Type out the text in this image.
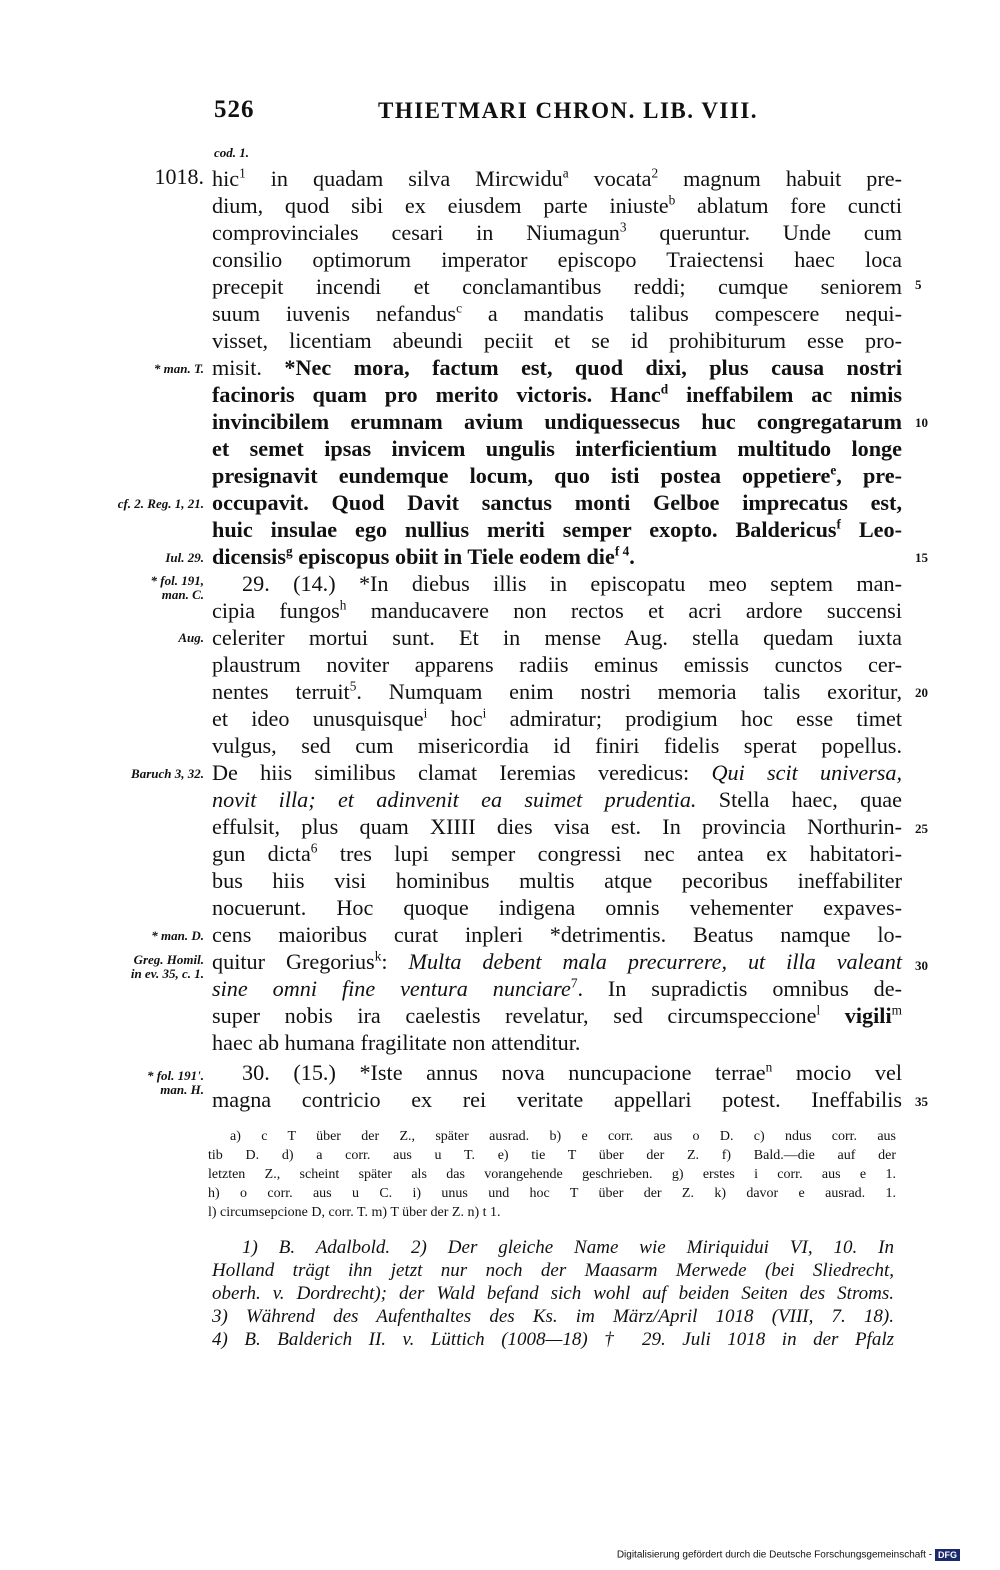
526	THIETMARI CHRON. LIB. VIII.
cod. 1.
1018.
* man. T.
cf. 2. Reg. 1, 21.
Iul. 29.
* fol. 191,
man. C.
Aug.
Baruch 3, 32.
* man. D.
Greg. Homil.
in ev. 35, c. 1.
* fol. 191'.
man. H.
5
10
15
20
25
30
35
hic$^1$ in quadam silva Mircwidu$^a$ vocata$^2$ magnum habuit pre-
dium, quod sibi ex eiusdem parte iniuste$^b$ ablatum fore cuncti
comprovinciales cesari in Niumagun$^3$ queruntur. Unde cum
consilio optimorum imperator episcopo Traiectensi haec loca
precepit incendi et conclamantibus reddi; cumque seniorem
suum iuvenis nefandus$^c$ a mandatis talibus compescere nequi-
visset, licentiam abeundi peciit et se id prohibiturum esse pro-
misit. *Nec mora, factum est, quod dixi, plus causa nostri
facinoris quam pro merito victoris. Hanc$^d$ ineffabilem ac nimis
invincibilem erumnam avium undiquessecus huc congregatarum
et semet ipsas invicem ungulis interficientium multitudo longe
presignavit eundemque locum, quo isti postea oppetiere$^e$, pre-
occupavit. Quod Davit sanctus monti Gelboe imprecatus est,
huic insulae ego nullius meriti semper exopto. Baldericus$^f$ Leo-
dicensis$^g$ episcopus obiit in Tiele eodem die$^{f 4}$.
29. (14.) *In diebus illis in episcopatu meo septem man-
cipia fungos$^h$ manducavere non rectos et acri ardore succensi
celeriter mortui sunt. Et in mense Aug. stella quedam iuxta
plaustrum noviter apparens radiis eminus emissis cunctos cer-
nentes terruit$^5$. Numquam enim nostri memoria talis exoritur,
et ideo unusquisque$^i$ hoc$^i$ admiratur; prodigium hoc esse timet
vulgus, sed cum misericordia id finiri fidelis sperat popellus.
De hiis similibus clamat Ieremias veredicus: Qui scit universa,
novit illa; et adinvenit ea suimet prudentia. Stella haec, quae
effulsit, plus quam XIIII dies visa est. In provincia Northurin-
gun dicta$^6$ tres lupi semper congressi nec antea ex habitatori-
bus hiis visi hominibus multis atque pecoribus ineffabiliter
nocuerunt. Hoc quoque indigena omnis vehementer expaves-
cens maioribus curat inpleri *detrimentis. Beatus namque lo-
quitur Gregorius$^k$: Multa debent mala precurrere, ut illa valeant
sine omni fine ventura nunciare$^7$. In supradictis omnibus de-
super nobis ira caelestis revelatur, sed circumspeccione$^l$ vigili$^m$
haec ab humana fragilitate non attenditur.
30. (15.) *Iste annus nova nuncupacione terrae$^n$ mocio vel
magna contricio ex rei veritate appellari potest. Ineffabilis
a) c T über der Z., später ausrad. b) e corr. aus o D. c) ndus corr. aus
tib D. d) a corr. aus u T. e) tie T über der Z. f) Bald.—die auf der
letzten Z., scheint später als das vorangehende geschrieben. g) erstes i corr. aus e 1.
h) o corr. aus u C. i) unus und hoc T über der Z. k) davor e ausrad. 1.
l) circumsepcione D, corr. T. m) T über der Z. n) t 1.
1) B. Adalbold. 2) Der gleiche Name wie Miriquidui VI, 10. In
Holland trägt ihn jetzt nur noch der Maasarm Merwede (bei Sliedrecht,
oberh. v. Dordrecht); der Wald befand sich wohl auf beiden Seiten des Stroms.
3) Während des Aufenthaltes des Ks. im März/April 1018 (VIII, 7. 18).
4) B. Balderich II. v. Lüttich (1008—18) † 29. Juli 1018 in der Pfalz
Digitalisierung gefördert durch die Deutsche Forschungsgemeinschaft - DFG
